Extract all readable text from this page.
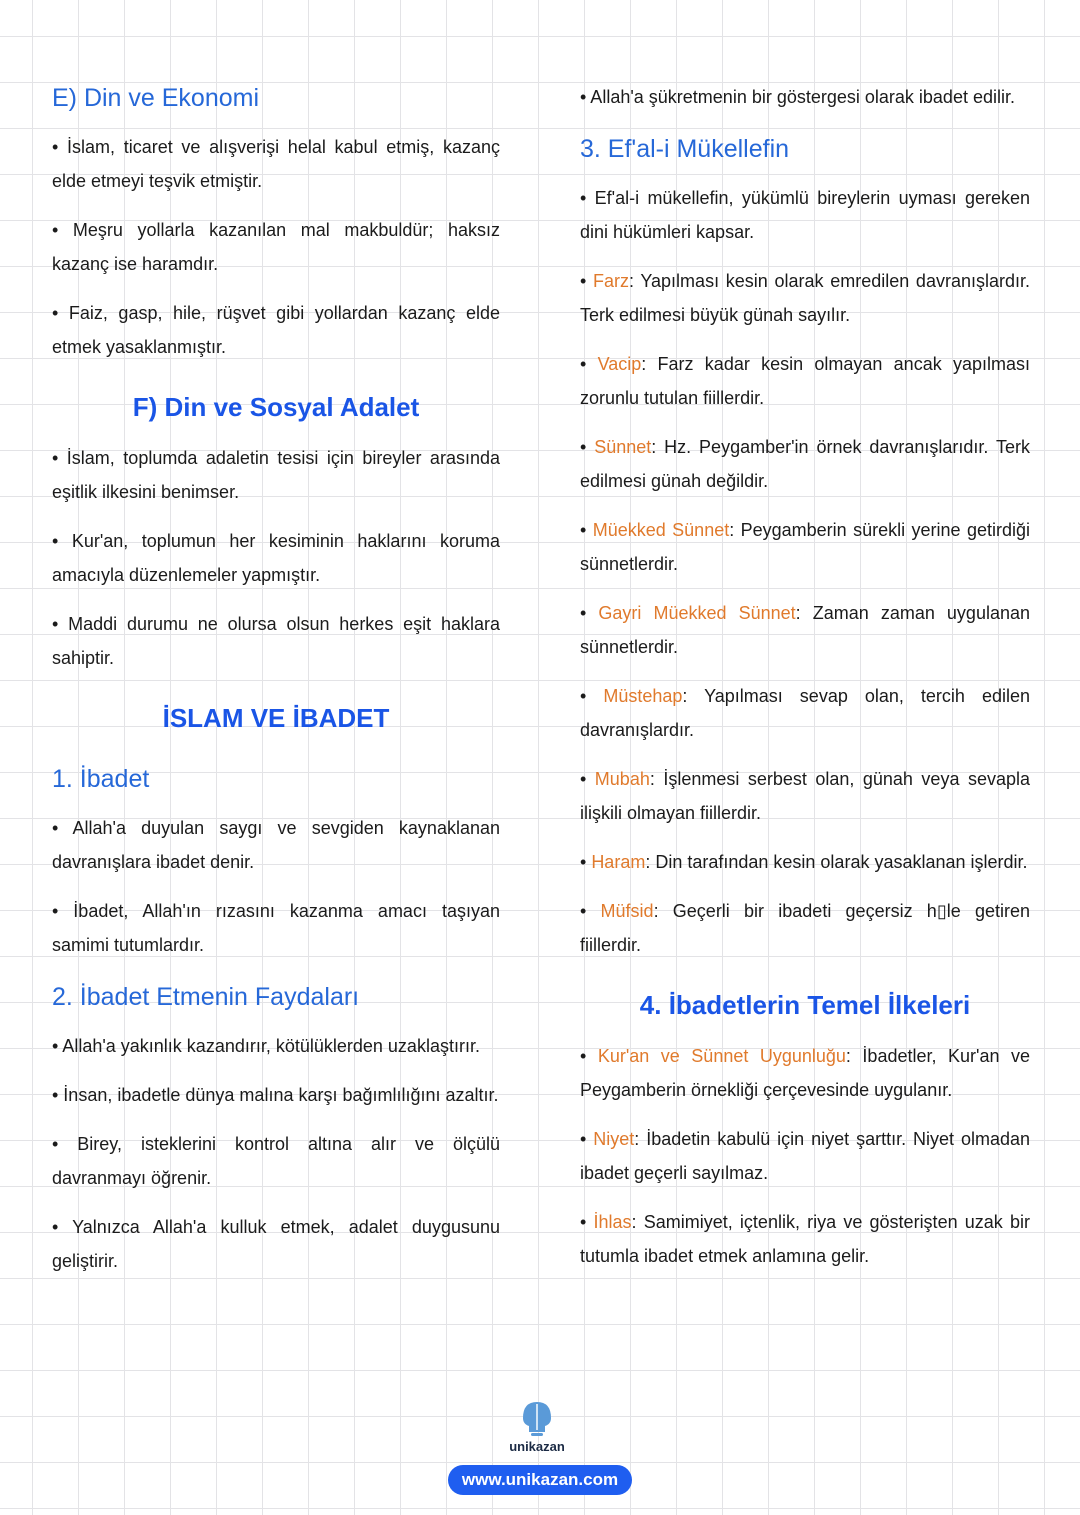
E) Din ve Ekonomi

• İslam, ticaret ve alışverişi helal kabul etmiş, kazanç elde etmeyi teşvik etmiştir.

• Meşru yollarla kazanılan mal makbuldür; haksız kazanç ise haramdır.

• Faiz, gasp, hile, rüşvet gibi yollardan kazanç elde etmek yasaklanmıştır.

F) Din ve Sosyal Adalet

• İslam, toplumda adaletin tesisi için bireyler arasında eşitlik ilkesini benimser.

• Kur'an, toplumun her kesiminin haklarını koruma amacıyla düzenlemeler yapmıştır.

• Maddi durumu ne olursa olsun herkes eşit haklara sahiptir.

İSLAM VE İBADET
1. İbadet

• Allah'a duyulan saygı ve sevgiden kaynaklanan davranışlara ibadet denir.

• İbadet, Allah'ın rızasını kazanma amacı taşıyan samimi tutumlardır.

2. İbadet Etmenin Faydaları

• Allah'a yakınlık kazandırır, kötülüklerden uzaklaştırır.

• İnsan, ibadetle dünya malına karşı bağımlılığını azaltır.

• Birey, isteklerini kontrol altına alır ve ölçülü davranmayı öğrenir.

• Yalnızca Allah'a kulluk etmek, adalet duygusunu geliştirir.

• Allah'a şükretmenin bir göstergesi olarak ibadet edilir.

3. Ef'al-i Mükellefin

• Ef'al-i mükellefin, yükümlü bireylerin uyması gereken dini hükümleri kapsar.

• Farz: Yapılması kesin olarak emredilen davranışlardır. Terk edilmesi büyük günah sayılır.

• Vacip: Farz kadar kesin olmayan ancak yapılması zorunlu tutulan fiillerdir.

• Sünnet: Hz. Peygamber'in örnek davranışlarıdır. Terk edilmesi günah değildir.

• Müekked Sünnet: Peygamberin sürekli yerine getirdiği sünnetlerdir.

• Gayri Müekked Sünnet: Zaman zaman uygulanan sünnetlerdir.

• Müstehap: Yapılması sevap olan, tercih edilen davranışlardır.

• Mubah: İşlenmesi serbest olan, günah veya sevapla ilişkili olmayan fiillerdir.

• Haram: Din tarafından kesin olarak yasaklanan işlerdir.

• Müfsid: Geçerli bir ibadeti geçersiz h▯le getiren fiillerdir.

4. İbadetlerin Temel İlkeleri

• Kur'an ve Sünnet Uygunluğu: İbadetler, Kur'an ve Peygamberin örnekliği çerçevesinde uygulanır.

• Niyet: İbadetin kabulü için niyet şarttır. Niyet olmadan ibadet geçerli sayılmaz.

• İhlas: Samimiyet, içtenlik, riya ve gösterişten uzak bir tutumla ibadet etmek anlamına gelir.

unikazan
www.unikazan.com
